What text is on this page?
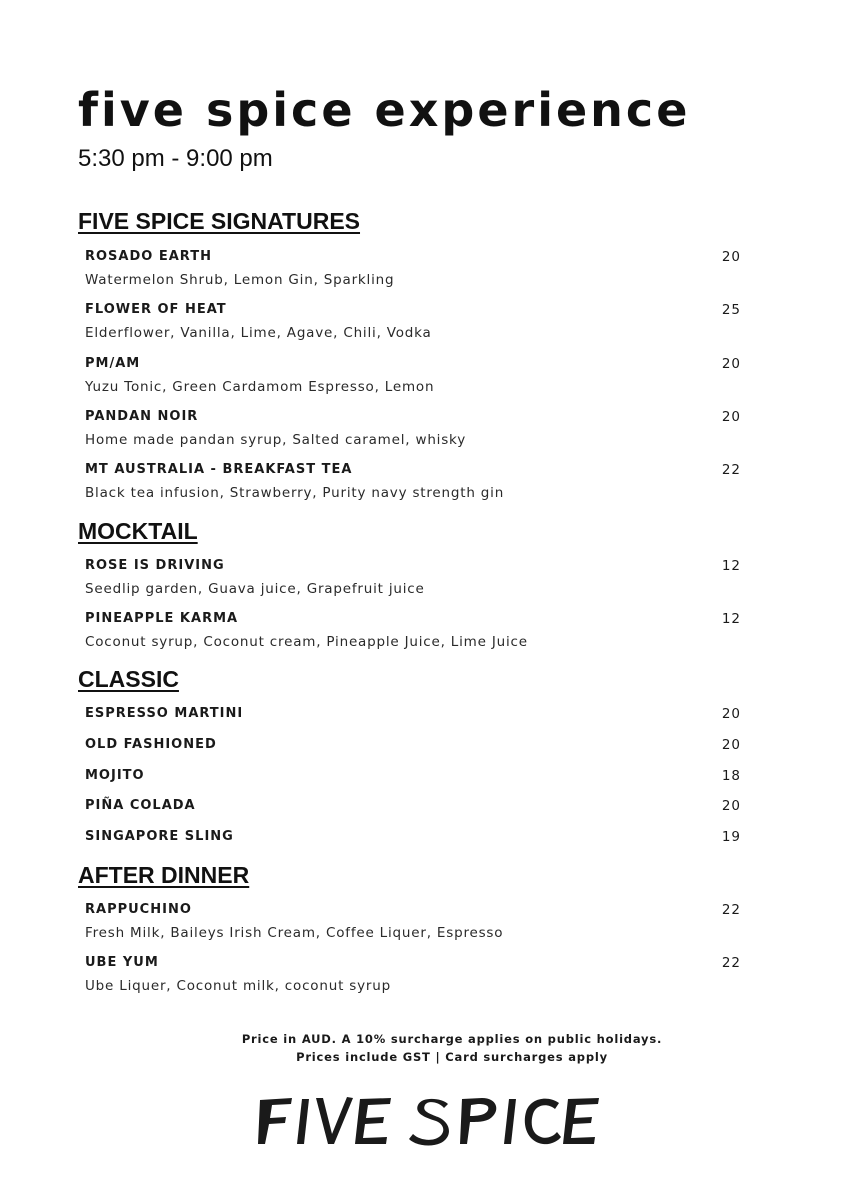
five spice experience
5:30 pm - 9:00 pm
FIVE SPICE SIGNATURES
ROSADO EARTH	20
Watermelon Shrub, Lemon Gin, Sparkling
FLOWER OF HEAT	25
Elderflower, Vanilla, Lime, Agave, Chili, Vodka
PM/AM	20
Yuzu Tonic, Green Cardamom Espresso, Lemon
PANDAN NOIR	20
Home made pandan syrup, Salted caramel, whisky
MT AUSTRALIA - BREAKFAST TEA	22
Black tea infusion, Strawberry, Purity navy strength gin
MOCKTAIL
ROSE IS DRIVING	12
Seedlip garden, Guava juice, Grapefruit juice
PINEAPPLE KARMA	12
Coconut syrup, Coconut cream, Pineapple Juice, Lime Juice
CLASSIC
ESPRESSO MARTINI	20
OLD FASHIONED	20
MOJITO	18
PIÑA COLADA	20
SINGAPORE SLING	19
AFTER DINNER
RAPPUCHINO	22
Fresh Milk, Baileys Irish Cream, Coffee Liquer, Espresso
UBE YUM	22
Ube Liquer, Coconut milk, coconut syrup
Price in AUD. A 10% surcharge applies on public holidays.
Prices include GST | Card surcharges apply
